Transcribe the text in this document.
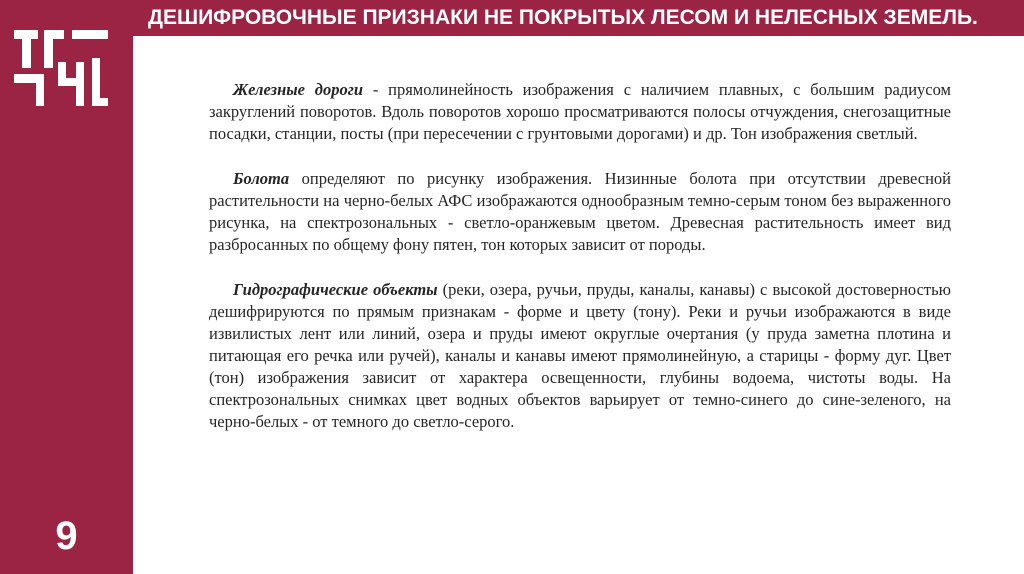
9
ДЕШИФРОВОЧНЫЕ ПРИЗНАКИ НЕ ПОКРЫТЫХ ЛЕСОМ И НЕЛЕСНЫХ ЗЕМЕЛЬ.

Железные дороги - прямолинейность изображения с наличием плавных, с большим радиусом закруглений поворотов. Вдоль поворотов хорошо просматриваются полосы отчуждения, снегозащитные посадки, станции, посты (при пересечении с грунтовыми дорогами) и др. Тон изображения светлый.

Болота определяют по рисунку изображения. Низинные болота при отсутствии древесной растительности на черно-белых АФС изображаются однообразным темно-серым тоном без выраженного рисунка, на спектрозональных - светло-оранжевым цветом. Древесная растительность имеет вид разбросанных по общему фону пятен, тон которых зависит от породы.

Гидрографические объекты (реки, озера, ручьи, пруды, каналы, канавы) с высокой достоверностью дешифрируются по прямым признакам - форме и цвету (тону). Реки и ручьи изображаются в виде извилистых лент или линий, озера и пруды имеют округлые очертания (у пруда заметна плотина и питающая его речка или ручей), каналы и канавы имеют прямолинейную, а старицы - форму дуг. Цвет (тон) изображения зависит от характера освещенности, глубины водоема, чистоты воды. На спектрозональных снимках цвет водных объектов варьирует от темно-синего до сине-зеленого, на черно-белых - от темного до светло-серого.
